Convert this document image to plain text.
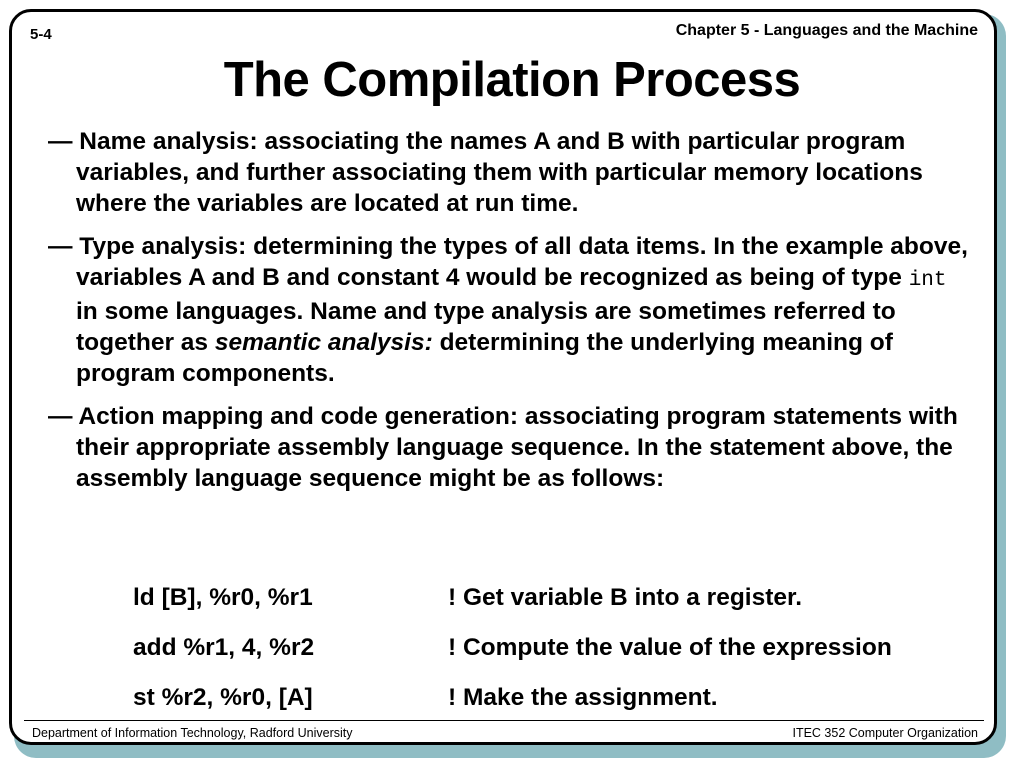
5-4	Chapter 5 - Languages and the Machine
The Compilation Process

— Name analysis: associating the names A and B with particular program variables, and further associating them with particular memory locations where the variables are located at run time.

— Type analysis: determining the types of all data items. In the example above, variables A and B and constant 4 would be recognized as being of type int in some languages. Name and type analysis are sometimes referred to together as semantic analysis: determining the underlying meaning of program components.

— Action mapping and code generation: associating program statements with their appropriate assembly language sequence. In the statement above, the assembly language sequence might be as follows:

ld [B], %r0, %r1	! Get variable B into a register.
add %r1, 4, %r2	! Compute the value of the expression
st %r2, %r0, [A]	! Make the assignment.
Department of Information Technology, Radford University	ITEC 352 Computer Organization
